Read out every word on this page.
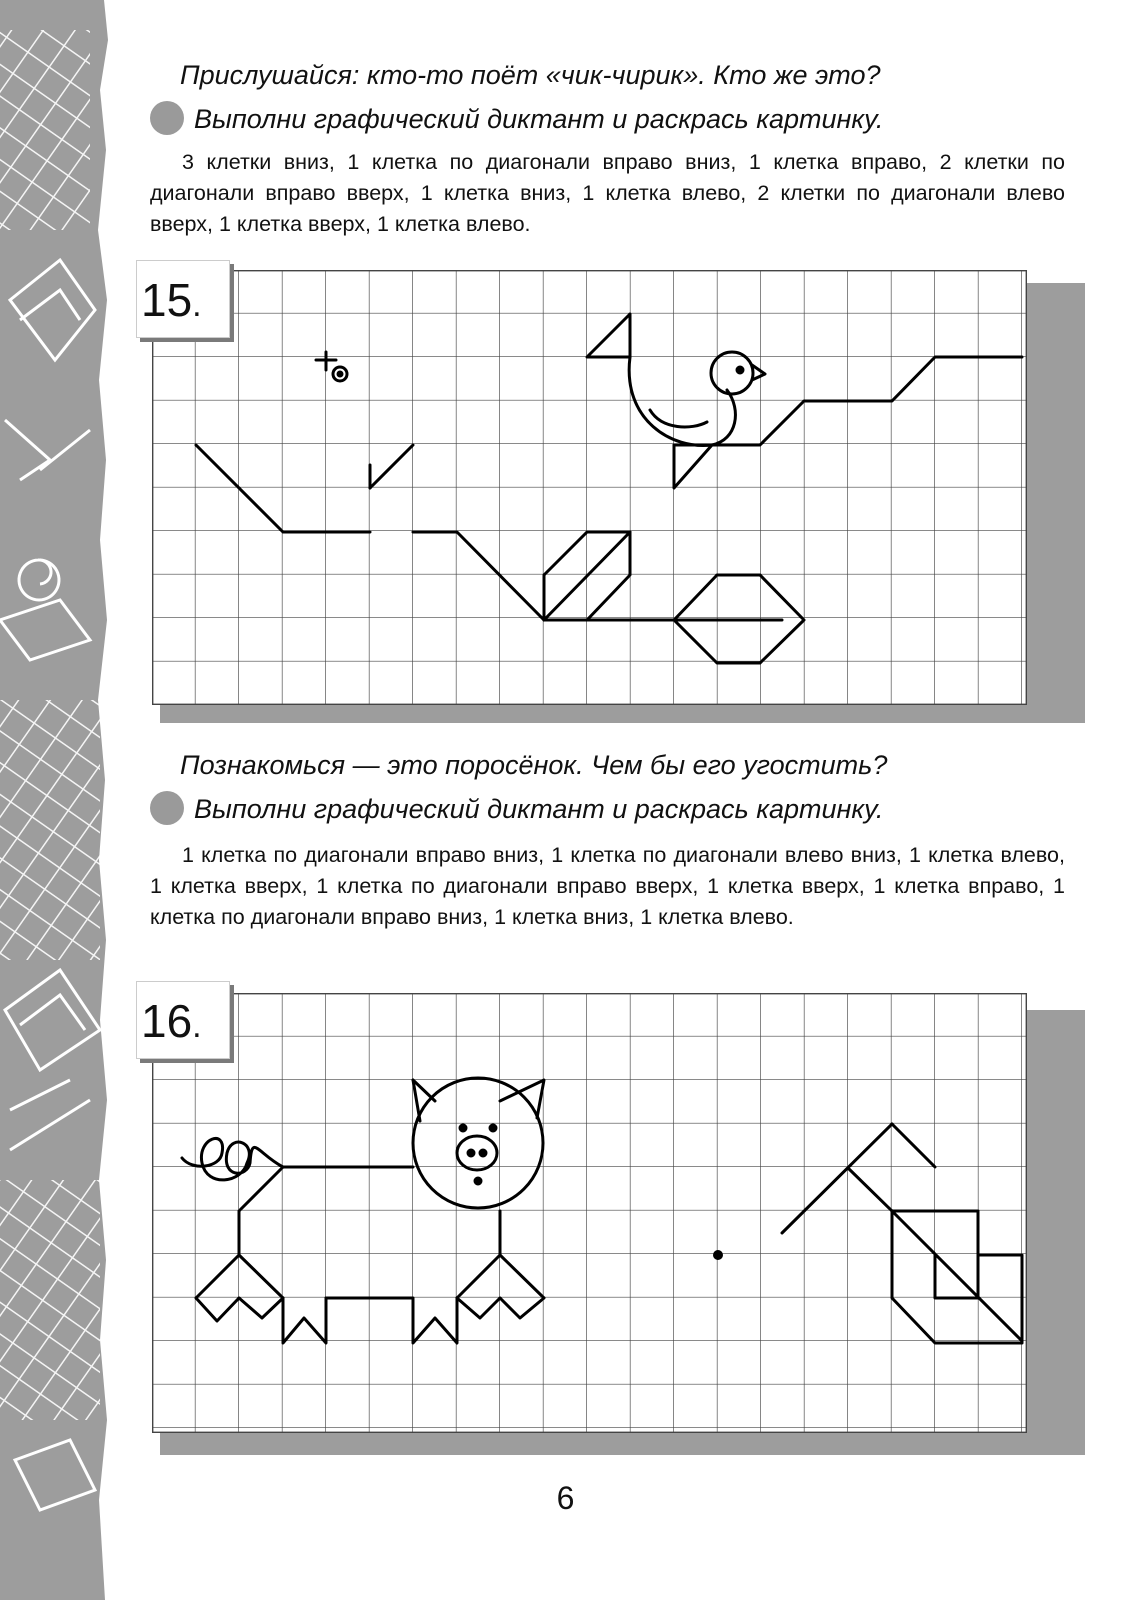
Прислушайся: кто-то поёт «чик-чирик». Кто же это?
Выполни графический диктант и раскрась картинку.
3 клетки вниз, 1 клетка по диагонали вправо вниз, 1 клетка вправо, 2 клетки по диагонали вправо вверх, 1 клетка вниз, 1 клетка влево, 2 клетки по диагонали влево вверх, 1 клетка вверх, 1 клетка влево.
15.
Познакомься — это поросёнок. Чем бы его угостить?
Выполни графический диктант и раскрась картинку.
1 клетка по диагонали вправо вниз, 1 клетка по диагонали влево вниз, 1 клетка влево, 1 клетка вверх, 1 клетка по диагонали вправо вверх, 1 клетка вверх, 1 клетка вправо, 1 клетка по диагонали вправо вниз, 1 клетка вниз, 1 клетка влево.
16.
6
